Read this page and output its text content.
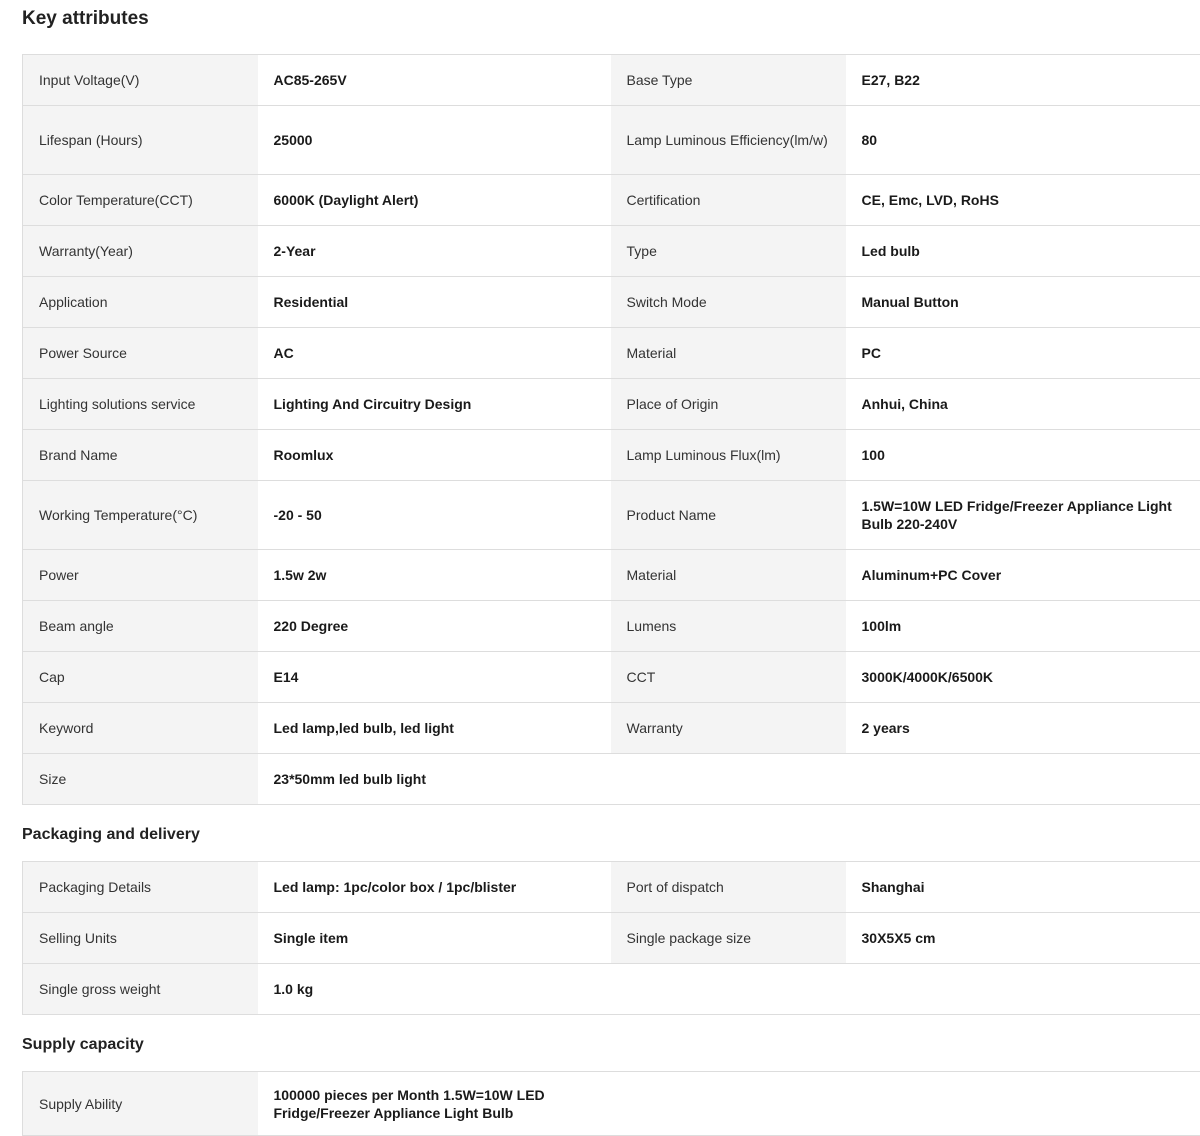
Key attributes
Input Voltage(V)	AC85-265V	Base Type	E27, B22
Lifespan (Hours)	25000	Lamp Luminous Efficiency(lm/w)	80
Color Temperature(CCT)	6000K (Daylight Alert)	Certification	CE, Emc, LVD, RoHS
Warranty(Year)	2-Year	Type	Led bulb
Application	Residential	Switch Mode	Manual Button
Power Source	AC	Material	PC
Lighting solutions service	Lighting And Circuitry Design	Place of Origin	Anhui, China
Brand Name	Roomlux	Lamp Luminous Flux(lm)	100
Working Temperature(°C)	-20 - 50	Product Name	1.5W=10W LED Fridge/Freezer Appliance Light Bulb 220-240V
Power	1.5w 2w	Material	Aluminum+PC Cover
Beam angle	220 Degree	Lumens	100lm
Cap	E14	CCT	3000K/4000K/6500K
Keyword	Led lamp,led bulb, led light	Warranty	2 years
Size	23*50mm led bulb light		
Packaging and delivery
Packaging Details	Led lamp: 1pc/color box / 1pc/blister	Port of dispatch	Shanghai
Selling Units	Single item	Single package size	30X5X5 cm
Single gross weight	1.0 kg		
Supply capacity
Supply Ability	100000 pieces per Month 1.5W=10W LED Fridge/Freezer Appliance Light Bulb		
